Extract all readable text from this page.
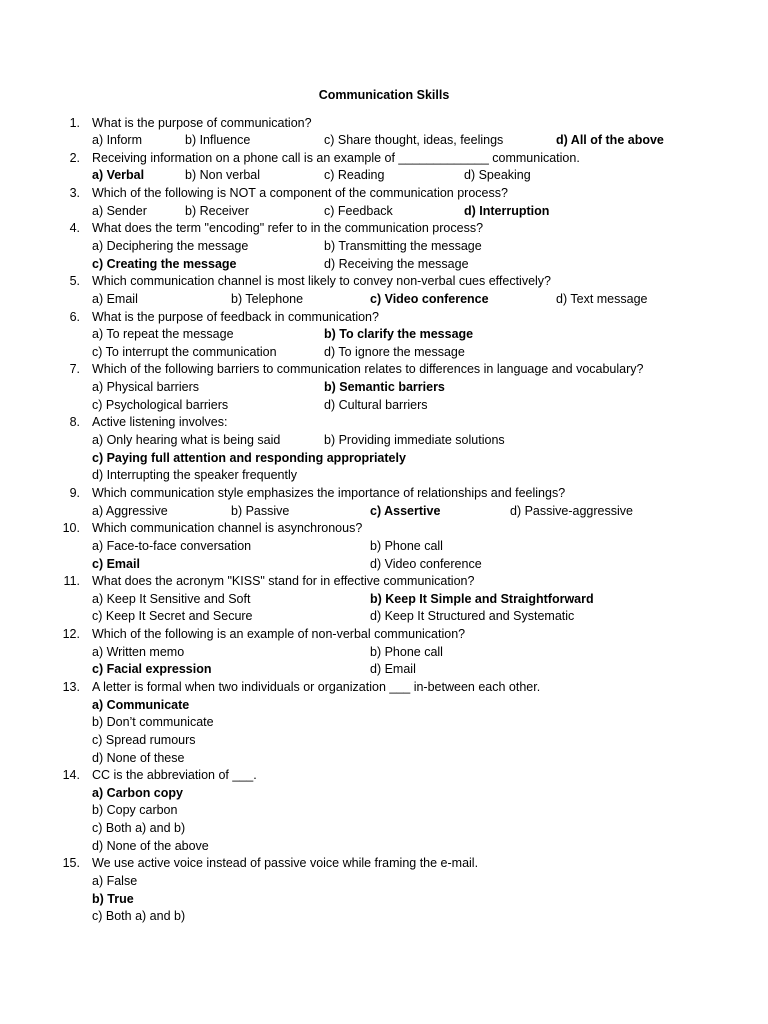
Communication Skills
1. What is the purpose of communication?
a) Inform	b) Influence	c) Share thought, ideas, feelings	d) All of the above
2. Receiving information on a phone call is an example of _____________ communication.
a) Verbal	b) Non verbal	c) Reading	d) Speaking
3. Which of the following is NOT a component of the communication process?
a) Sender	b) Receiver	c) Feedback	d) Interruption
4. What does the term "encoding" refer to in the communication process?
a) Deciphering the message	b) Transmitting the message
c) Creating the message	d) Receiving the message
5. Which communication channel is most likely to convey non-verbal cues effectively?
a) Email	b) Telephone	c) Video conference	d) Text message
6. What is the purpose of feedback in communication?
a) To repeat the message	b) To clarify the message
c) To interrupt the communication	d) To ignore the message
7. Which of the following barriers to communication relates to differences in language and vocabulary?
a) Physical barriers	b) Semantic barriers
c) Psychological barriers	d) Cultural barriers
8. Active listening involves:
a) Only hearing what is being said	b) Providing immediate solutions
c) Paying full attention and responding appropriately
d) Interrupting the speaker frequently
9. Which communication style emphasizes the importance of relationships and feelings?
a) Aggressive	b) Passive	c) Assertive	d) Passive-aggressive
10. Which communication channel is asynchronous?
a) Face-to-face conversation	b) Phone call
c) Email	d) Video conference
11. What does the acronym "KISS" stand for in effective communication?
a) Keep It Sensitive and Soft	b) Keep It Simple and Straightforward
c) Keep It Secret and Secure	d) Keep It Structured and Systematic
12. Which of the following is an example of non-verbal communication?
a) Written memo	b) Phone call
c) Facial expression	d) Email
13. A letter is formal when two individuals or organization ___ in-between each other.
a) Communicate
b) Don’t communicate
c) Spread rumours
d) None of these
14. CC is the abbreviation of ___.
a) Carbon copy
b) Copy carbon
c) Both a) and b)
d) None of the above
15. We use active voice instead of passive voice while framing the e-mail.
a) False
b) True
c) Both a) and b)
